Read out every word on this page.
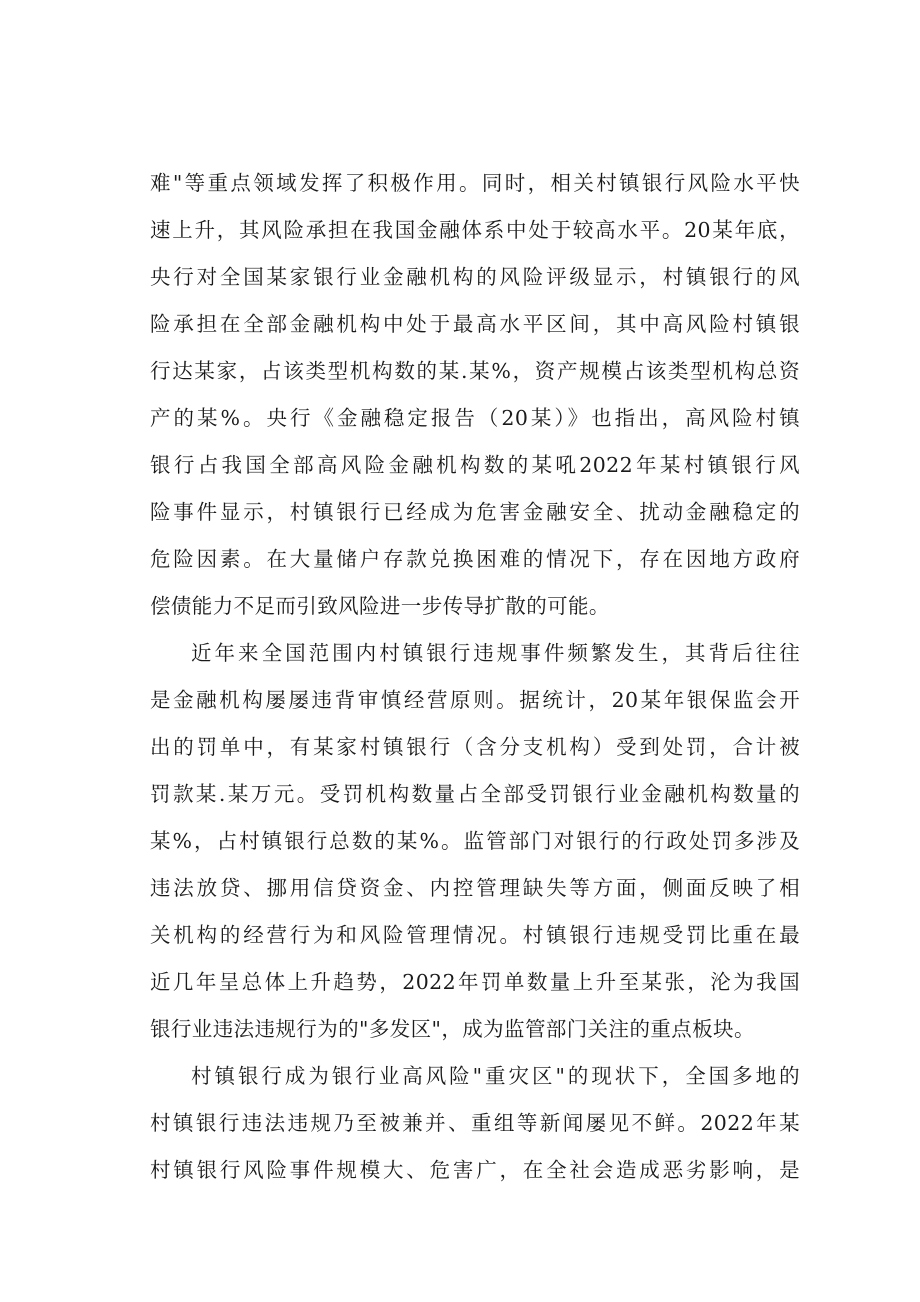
难"等重点领域发挥了积极作用。同时，相关村镇银行风险水平快
速上升，其风险承担在我国金融体系中处于较高水平。20某年底，
央行对全国某家银行业金融机构的风险评级显示，村镇银行的风
险承担在全部金融机构中处于最高水平区间，其中高风险村镇银
行达某家，占该类型机构数的某.某%，资产规模占该类型机构总资
产的某%。央行《金融稳定报告（20某）》也指出，高风险村镇
银行占我国全部高风险金融机构数的某吼2022年某村镇银行风
险事件显示，村镇银行已经成为危害金融安全、扰动金融稳定的
危险因素。在大量储户存款兑换困难的情况下，存在因地方政府
偿债能力不足而引致风险进一步传导扩散的可能。

近年来全国范围内村镇银行违规事件频繁发生，其背后往往
是金融机构屡屡违背审慎经营原则。据统计，20某年银保监会开
出的罚单中，有某家村镇银行（含分支机构）受到处罚，合计被
罚款某.某万元。受罚机构数量占全部受罚银行业金融机构数量的
某%，占村镇银行总数的某%。监管部门对银行的行政处罚多涉及
违法放贷、挪用信贷资金、内控管理缺失等方面，侧面反映了相
关机构的经营行为和风险管理情况。村镇银行违规受罚比重在最
近几年呈总体上升趋势，2022年罚单数量上升至某张，沦为我国
银行业违法违规行为的"多发区"，成为监管部门关注的重点板块。

村镇银行成为银行业高风险"重灾区"的现状下，全国多地的
村镇银行违法违规乃至被兼并、重组等新闻屡见不鲜。2022年某
村镇银行风险事件规模大、危害广，在全社会造成恶劣影响，是
